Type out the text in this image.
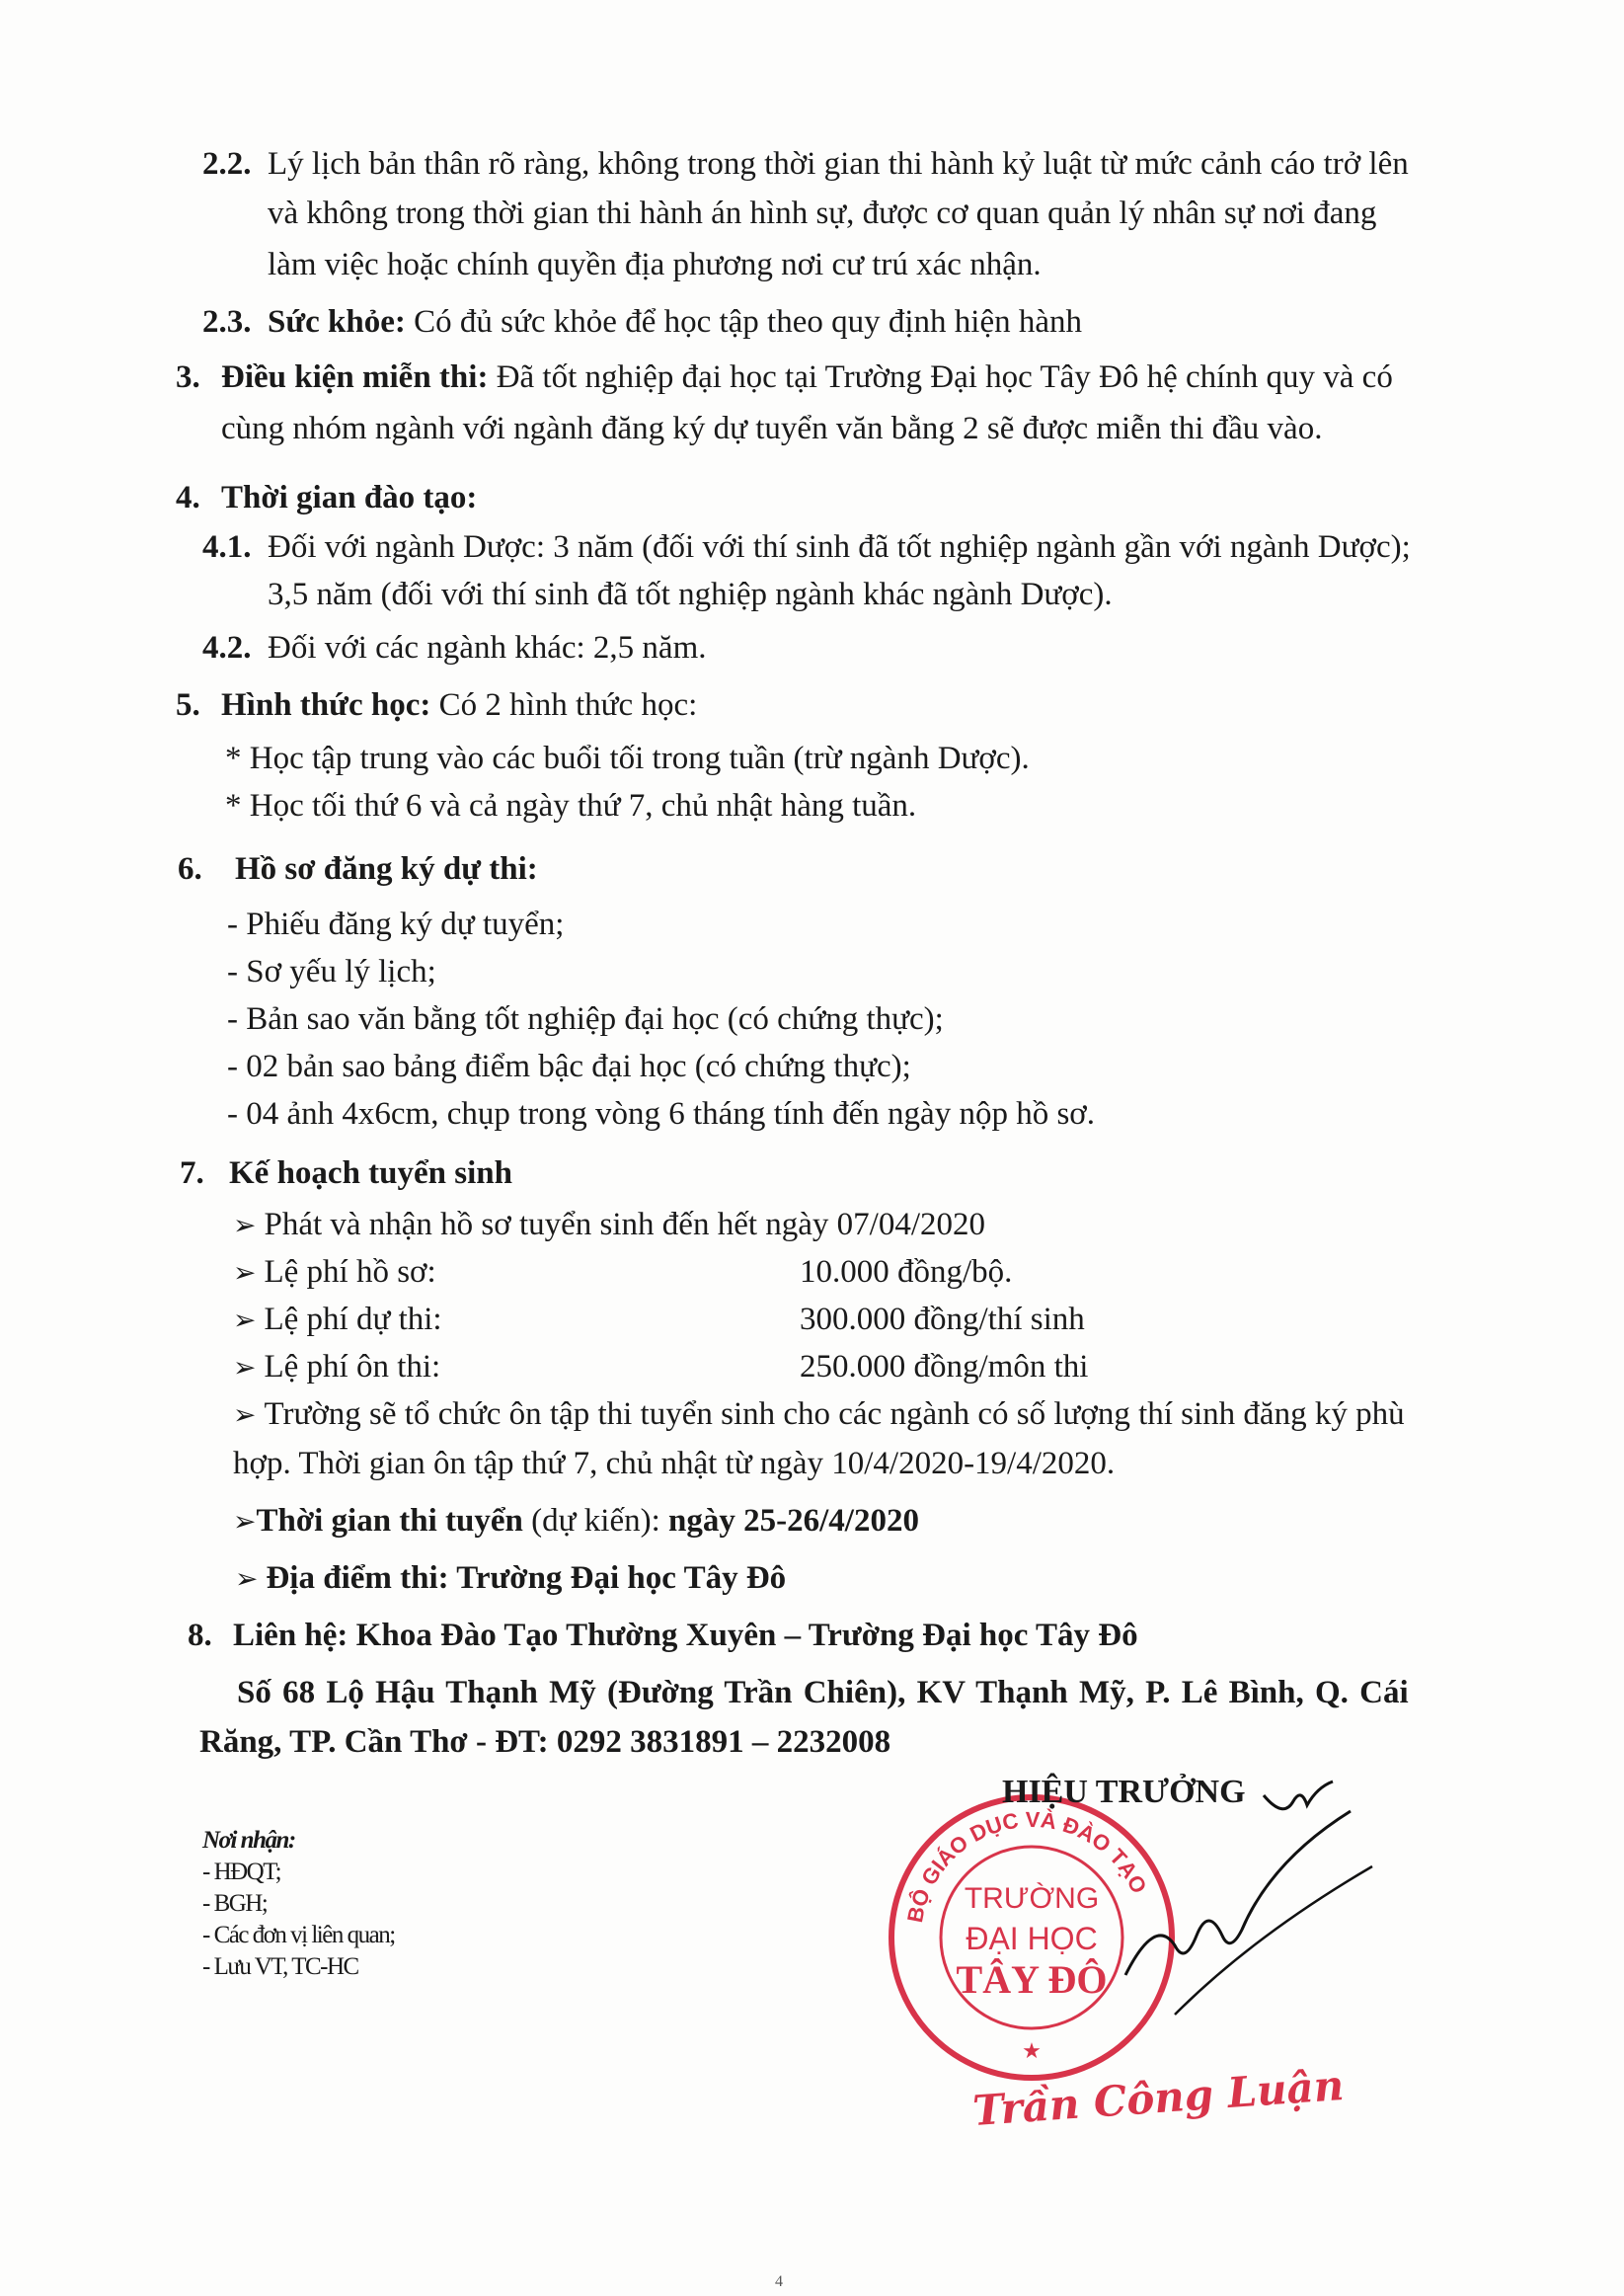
2.2. Lý lịch bản thân rõ ràng, không trong thời gian thi hành kỷ luật từ mức cảnh cáo trở lên
và không trong thời gian thi hành án hình sự, được cơ quan quản lý nhân sự nơi đang
làm việc hoặc chính quyền địa phương nơi cư trú xác nhận.
2.3. Sức khỏe: Có đủ sức khỏe để học tập theo quy định hiện hành
3. Điều kiện miễn thi: Đã tốt nghiệp đại học tại Trường Đại học Tây Đô hệ chính quy và có
cùng nhóm ngành với ngành đăng ký dự tuyển văn bằng 2 sẽ được miễn thi đầu vào.
4. Thời gian đào tạo:
4.1. Đối với ngành Dược: 3 năm (đối với thí sinh đã tốt nghiệp ngành gần với ngành Dược);
3,5 năm (đối với thí sinh đã tốt nghiệp ngành khác ngành Dược).
4.2. Đối với các ngành khác: 2,5 năm.
5. Hình thức học: Có 2 hình thức học:
* Học tập trung vào các buổi tối trong tuần (trừ ngành Dược).
* Học tối thứ 6 và cả ngày thứ 7, chủ nhật hàng tuần.
6. Hồ sơ đăng ký dự thi:
- Phiếu đăng ký dự tuyển;
- Sơ yếu lý lịch;
- Bản sao văn bằng tốt nghiệp đại học (có chứng thực);
- 02 bản sao bảng điểm bậc đại học (có chứng thực);
- 04 ảnh 4x6cm, chụp trong vòng 6 tháng tính đến ngày nộp hồ sơ.
7. Kế hoạch tuyển sinh
➢ Phát và nhận hồ sơ tuyển sinh đến hết ngày 07/04/2020
➢ Lệ phí hồ sơ:	10.000 đồng/bộ.
➢ Lệ phí dự thi:	300.000 đồng/thí sinh
➢ Lệ phí ôn thi:	250.000 đồng/môn thi
➢ Trường sẽ tổ chức ôn tập thi tuyển sinh cho các ngành có số lượng thí sinh đăng ký phù
hợp. Thời gian ôn tập thứ 7, chủ nhật từ ngày 10/4/2020-19/4/2020.
➢Thời gian thi tuyển (dự kiến): ngày 25-26/4/2020
➢ Địa điểm thi: Trường Đại học Tây Đô
8. Liên hệ: Khoa Đào Tạo Thường Xuyên – Trường Đại học Tây Đô
Số 68 Lộ Hậu Thạnh Mỹ (Đường Trần Chiên), KV Thạnh Mỹ, P. Lê Bình, Q. Cái
Răng, TP. Cần Thơ - ĐT: 0292 3831891 – 2232008
Nơi nhận:
- HĐQT;
- BGH;
- Các đơn vị liên quan;
- Lưu VT, TC-HC
BỘ GIÁO DỤC VÀ ĐÀO TẠO
TRƯỜNG
ĐẠI HỌC
TÂY ĐÔ
★
HIỆU TRƯỞNG
Trần Công Luận
4
